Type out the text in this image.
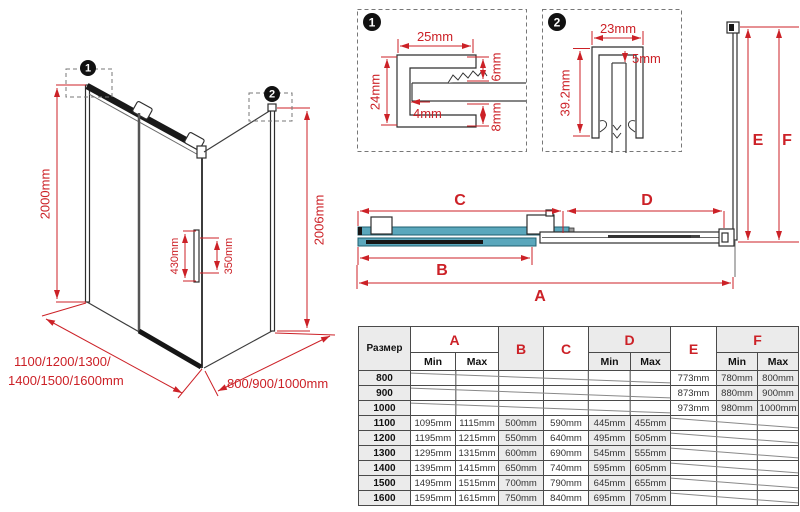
2000mm
2006mm
430mm	350mm
1100/1200/1300/
1400/1500/1600mm	800/900/1000mm
1
2
1
25mm
24mm
4mm
6mm
8mm
2	23mm
5mm
39.2mm
C	D
B
A
E F
Размер	A		B	C	D		E	F	
	Min	Max			Min	Max		Min	Max
800							773mm	780mm	800mm
900							873mm	880mm	900mm
1000							973mm	980mm	1000mm
1100	1095mm	1115mm	500mm	590mm	445mm	455mm	

1200	1195mm	1215mm	550mm	640mm	495mm	505mm	

1300	1295mm	1315mm	600mm	690mm	545mm	555mm	

1400	1395mm	1415mm	650mm	740mm	595mm	605mm	

1500	1495mm	1515mm	700mm	790mm	645mm	655mm	

1600	1595mm	1615mm	750mm	840mm	695mm	705mm	
